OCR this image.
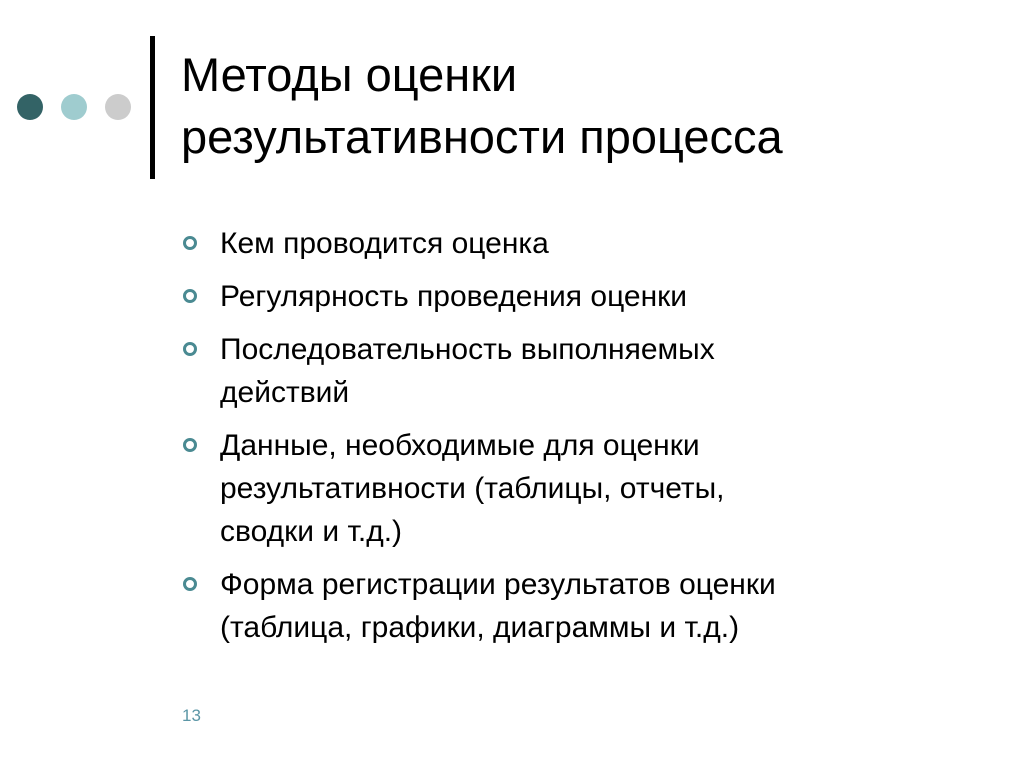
Методы оценки
результативности процесса
Кем проводится оценка
Регулярность проведения оценки
Последовательность выполняемых
действий
Данные, необходимые для оценки
результативности (таблицы, отчеты,
сводки и т.д.)
Форма регистрации результатов оценки
(таблица, графики, диаграммы и т.д.)
13
